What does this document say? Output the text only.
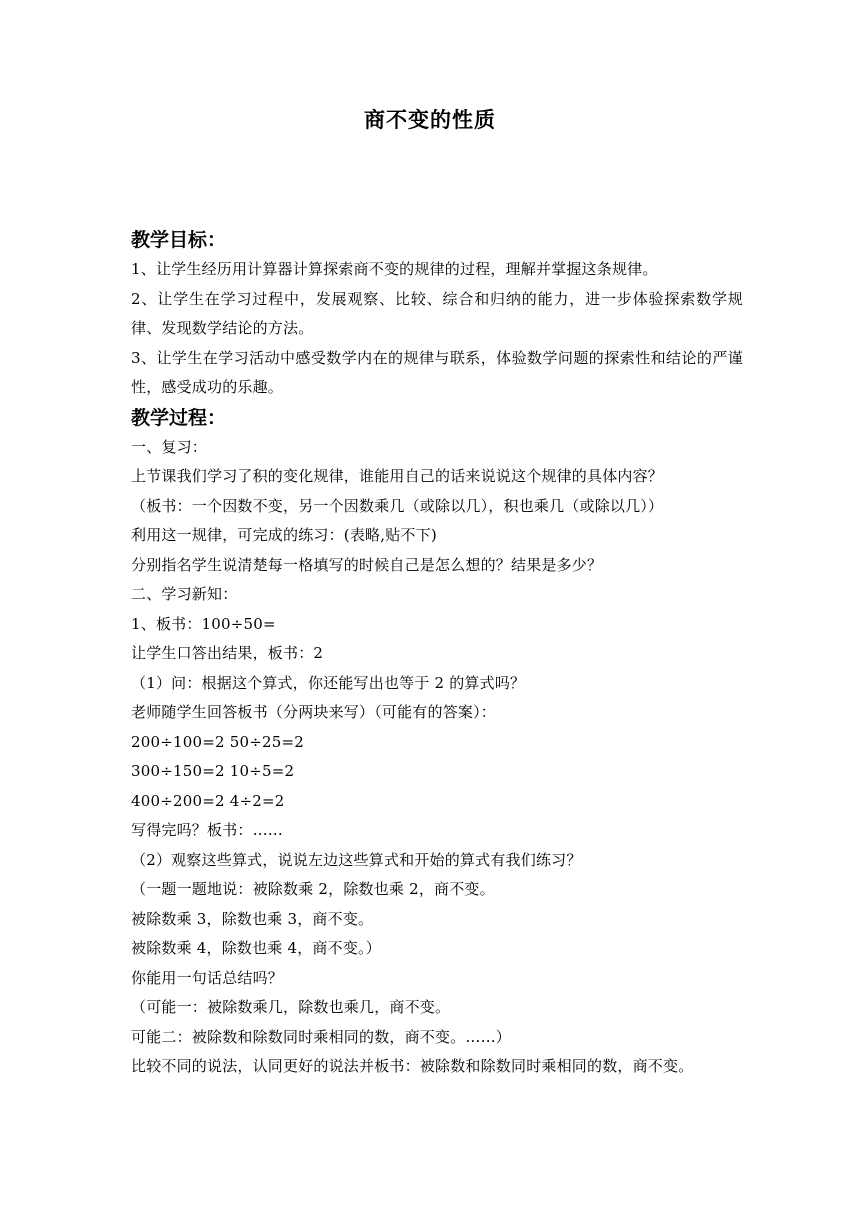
商不变的性质
教学目标：
1、让学生经历用计算器计算探索商不变的规律的过程，理解并掌握这条规律。
2、让学生在学习过程中，发展观察、比较、综合和归纳的能力，进一步体验探索数学规律、发现数学结论的方法。
3、让学生在学习活动中感受数学内在的规律与联系，体验数学问题的探索性和结论的严谨性，感受成功的乐趣。
教学过程：
一、复习：
上节课我们学习了积的变化规律，谁能用自己的话来说说这个规律的具体内容？
（板书：一个因数不变，另一个因数乘几（或除以几），积也乘几（或除以几））
利用这一规律，可完成的练习：(表略,贴不下)
分别指名学生说清楚每一格填写的时候自己是怎么想的？结果是多少？
二、学习新知：
1、板书：100÷50=
让学生口答出结果，板书：2
（1）问：根据这个算式，你还能写出也等于 2 的算式吗？
老师随学生回答板书（分两块来写）（可能有的答案）：
200÷100=2 50÷25=2
300÷150=2 10÷5=2
400÷200=2 4÷2=2
写得完吗？板书：……
（2）观察这些算式，说说左边这些算式和开始的算式有我们练习？
（一题一题地说：被除数乘 2，除数也乘 2，商不变。
被除数乘 3，除数也乘 3，商不变。
被除数乘 4，除数也乘 4，商不变。）
你能用一句话总结吗？
（可能一：被除数乘几，除数也乘几，商不变。
可能二：被除数和除数同时乘相同的数，商不变。……）
比较不同的说法，认同更好的说法并板书：被除数和除数同时乘相同的数，商不变。
